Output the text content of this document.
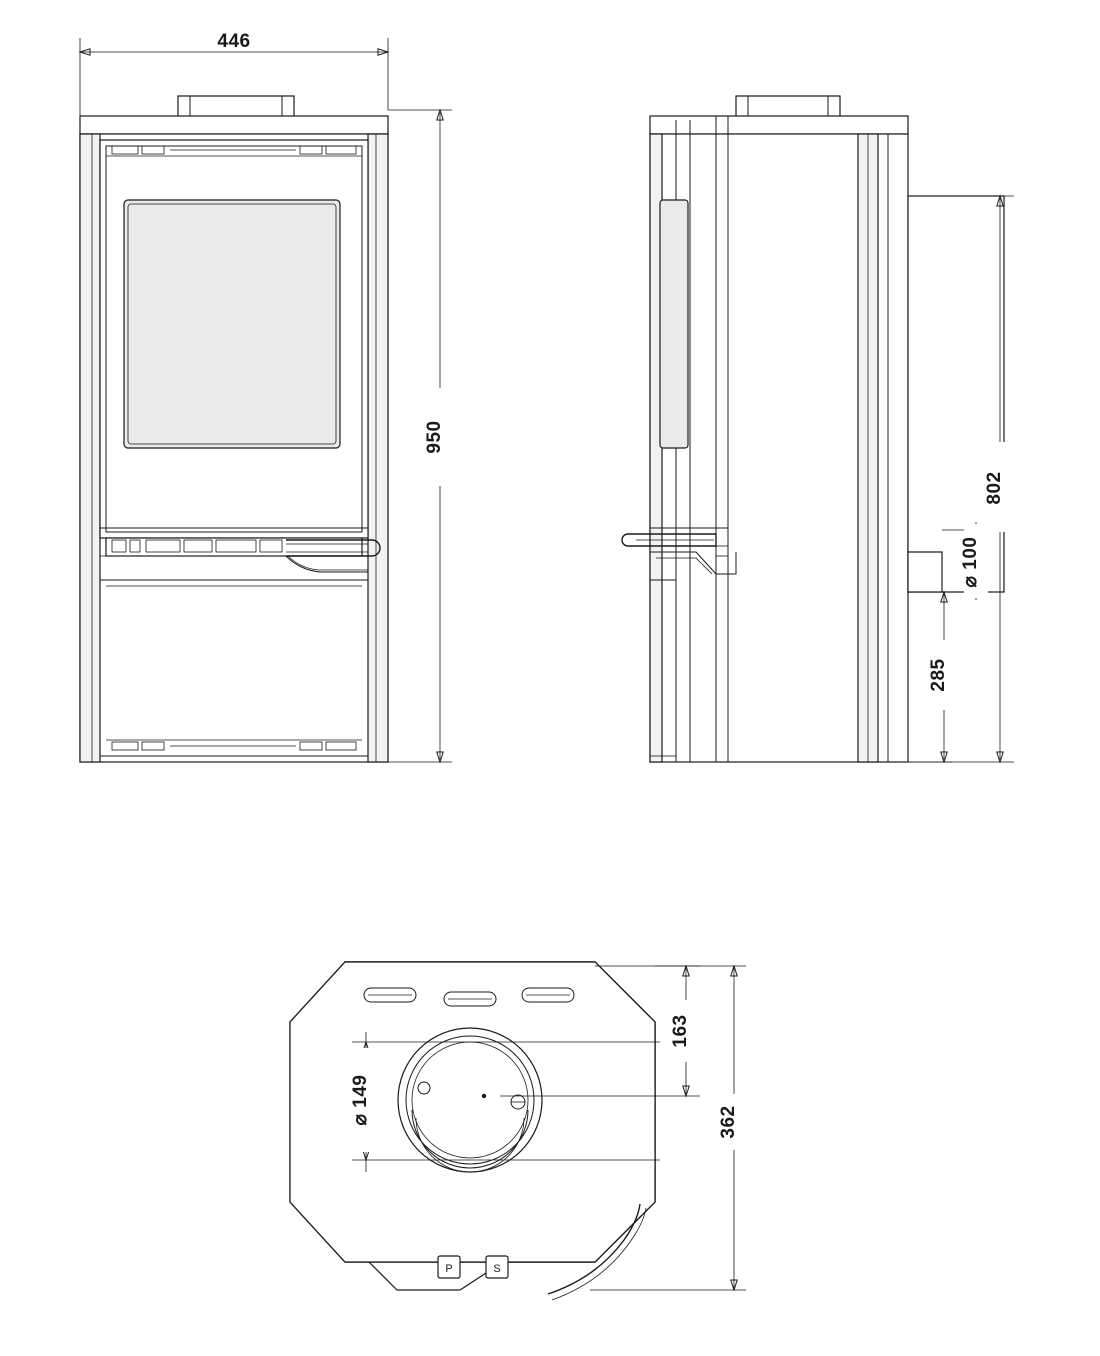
446
950
802
⌀ 100
285
P	S
⌀ 149
163
362
